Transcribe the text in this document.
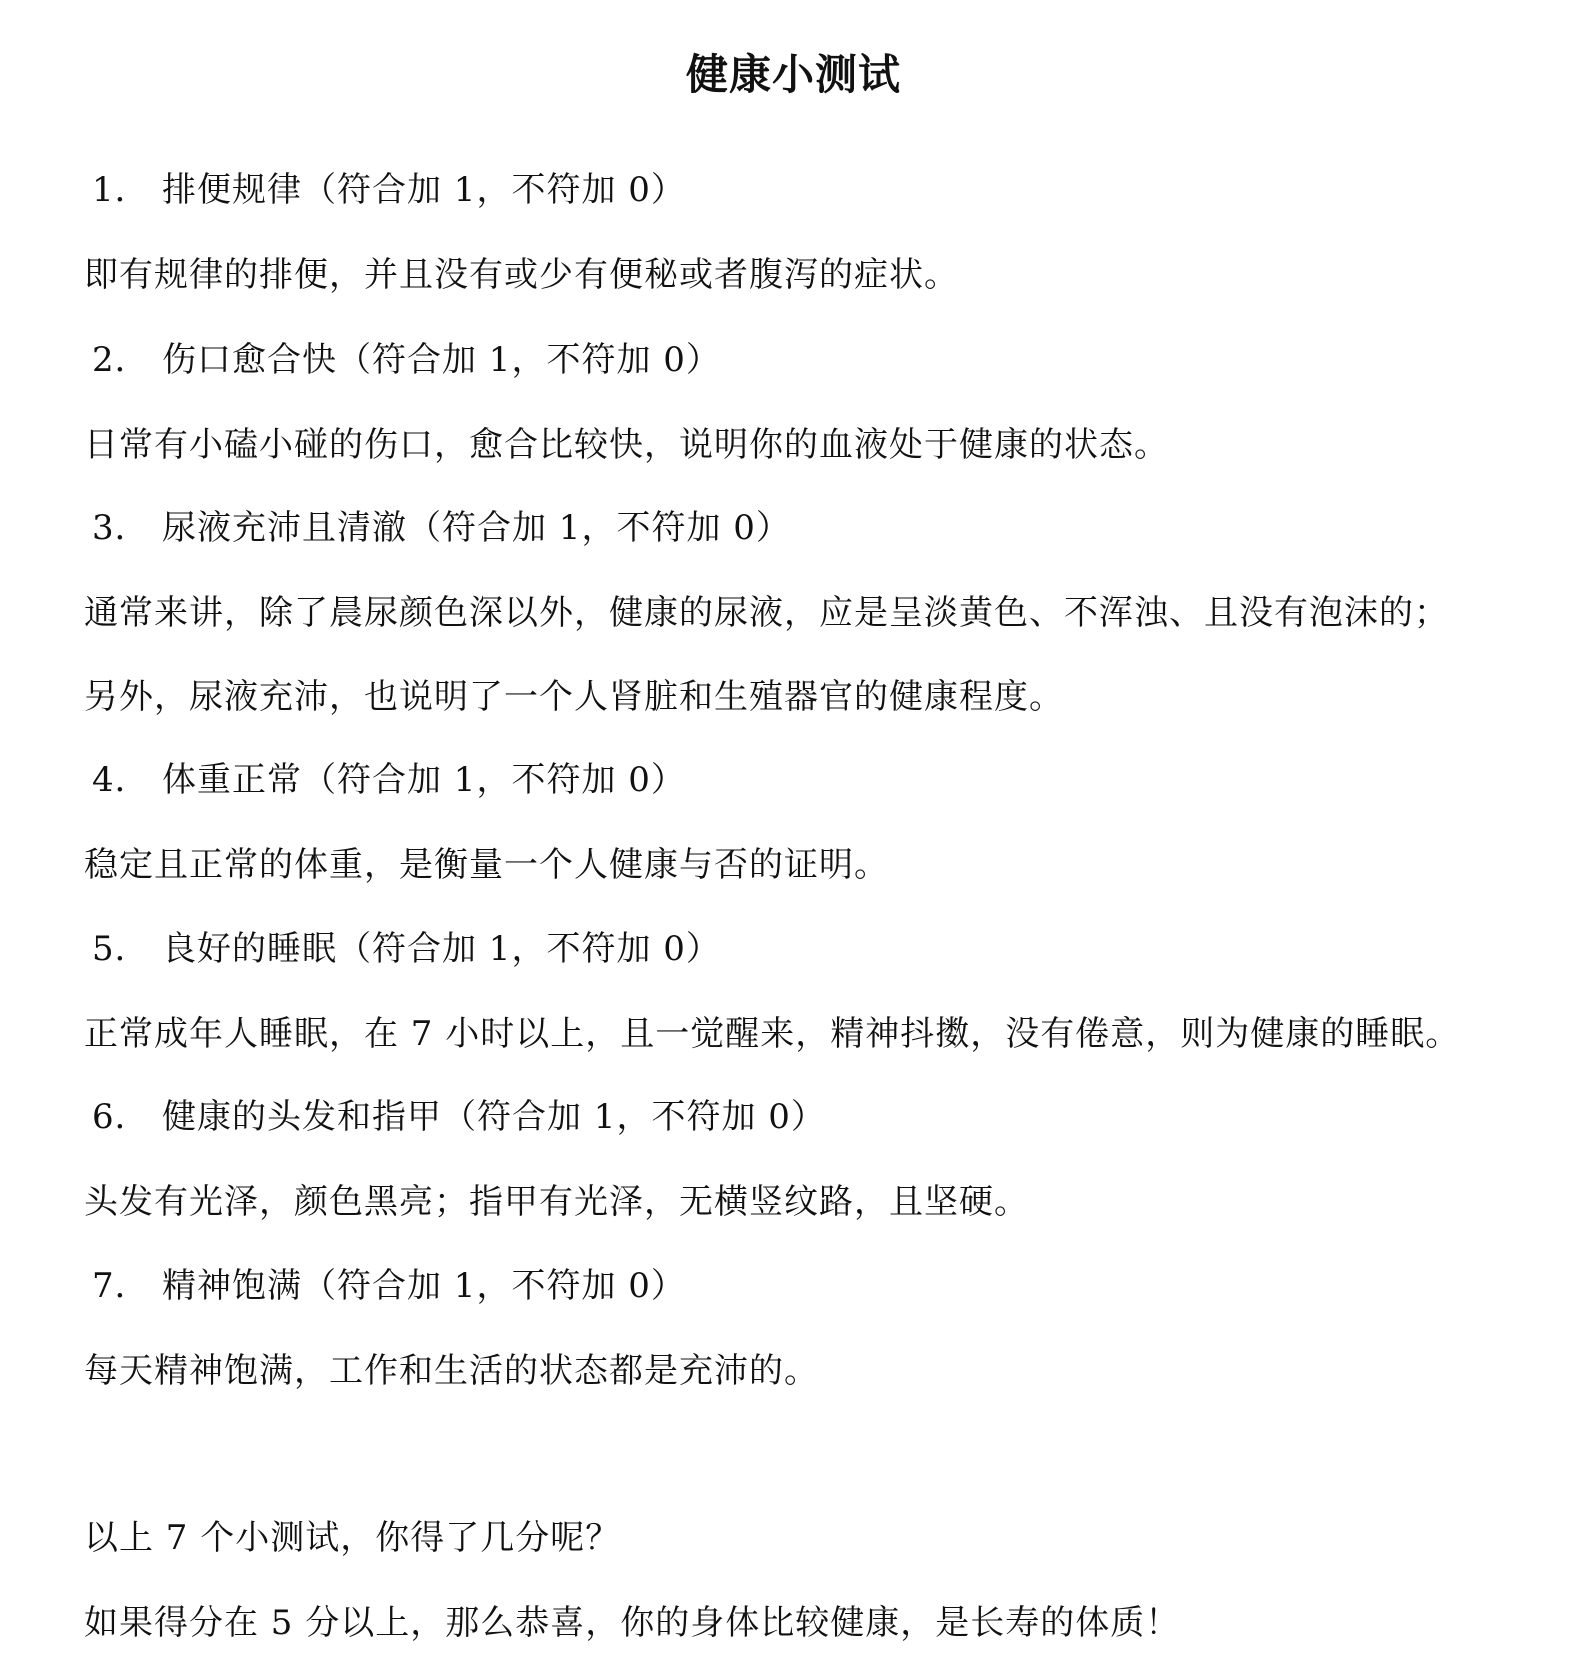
健康小测试
1． 排便规律（符合加 1，不符加 0）
即有规律的排便，并且没有或少有便秘或者腹泻的症状。
2． 伤口愈合快（符合加 1，不符加 0）
日常有小磕小碰的伤口，愈合比较快，说明你的血液处于健康的状态。
3． 尿液充沛且清澈（符合加 1，不符加 0）
通常来讲，除了晨尿颜色深以外，健康的尿液，应是呈淡黄色、不浑浊、且没有泡沫的；
另外，尿液充沛，也说明了一个人肾脏和生殖器官的健康程度。
4． 体重正常（符合加 1，不符加 0）
稳定且正常的体重，是衡量一个人健康与否的证明。
5． 良好的睡眠（符合加 1，不符加 0）
正常成年人睡眠，在 7 小时以上，且一觉醒来，精神抖擞，没有倦意，则为健康的睡眠。
6． 健康的头发和指甲（符合加 1，不符加 0）
头发有光泽，颜色黑亮；指甲有光泽，无横竖纹路，且坚硬。
7． 精神饱满（符合加 1，不符加 0）
每天精神饱满，工作和生活的状态都是充沛的。
以上 7 个小测试，你得了几分呢？
如果得分在 5 分以上，那么恭喜，你的身体比较健康，是长寿的体质！
